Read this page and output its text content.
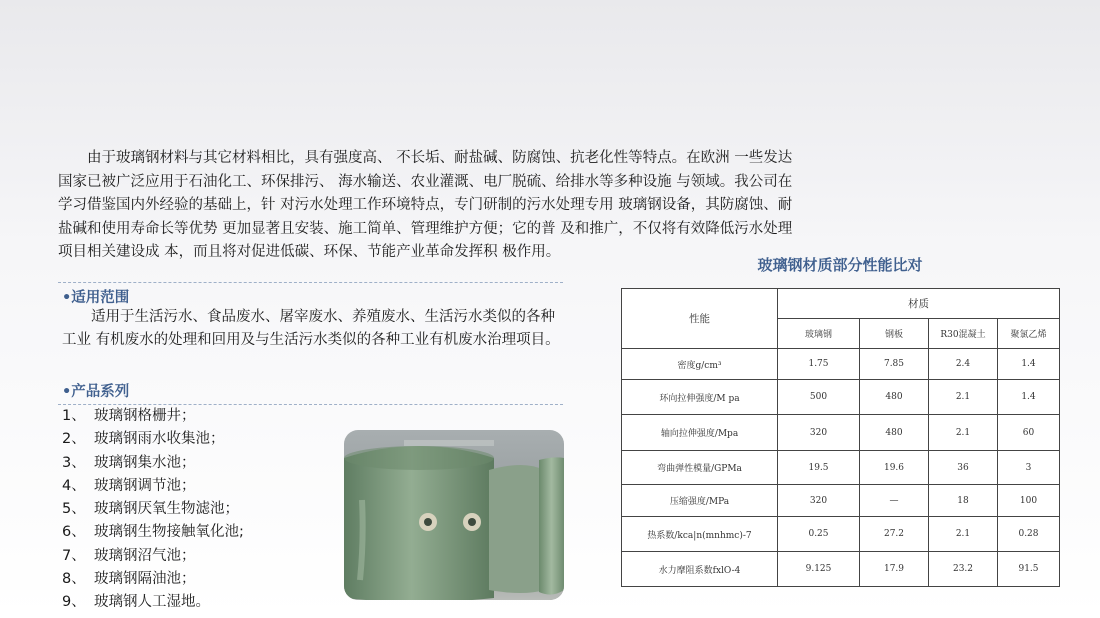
由于玻璃钢材料与其它材料相比，具有强度高、 不长垢、耐盐碱、防腐蚀、抗老化性等特点。在欧洲 一些发达国家已被广泛应用于石油化工、环保排污、 海水输送、农业灌溉、电厂脱硫、给排水等多种设施 与领域。我公司在学习借鉴国内外经验的基础上，针 对污水处理工作环境特点，专门研制的污水处理专用 玻璃钢设备，其防腐蚀、耐盐碱和使用寿命长等优势 更加显著且安装、施工简单、管理维护方便；它的普 及和推广，不仅将有效降低污水处理项目相关建设成 本，而且将对促进低碳、环保、节能产业革命发挥积 极作用。

•适用范围

适用于生活污水、食品废水、屠宰废水、养殖废水、生活污水类似的各种工业 有机废水的处理和回用及与生活污水类似的各种工业有机废水治理项目。

•产品系列
1、 玻璃钢格栅井；
2、 玻璃钢雨水收集池；
3、 玻璃钢集水池；
4、 玻璃钢调节池；
5、 玻璃钢厌氧生物滤池；
6、 玻璃钢生物接触氧化池;
7、 玻璃钢沼气池；
8、 玻璃钢隔油池；
9、 玻璃钢人工湿地。
玻璃钢材质部分性能比对
性能	材质			
	玻璃钢	钢板	R30混凝土	聚氯乙烯
密度g/cm³	1.75	7.85	2.4	1.4
环向拉伸强度/M pa	500	480	2.1	1.4
轴向拉伸强度/Mpa	320	480	2.1	60
弯曲弹性模量/GPMa	19.5	19.6	36	3
压缩强度/MPa	320	—	18	100
热系数/kca|n(mnhmc)-7	0.25	27.2	2.1	0.28
水力摩阻系数fxlO-4	9.125	17.9	23.2	91.5
